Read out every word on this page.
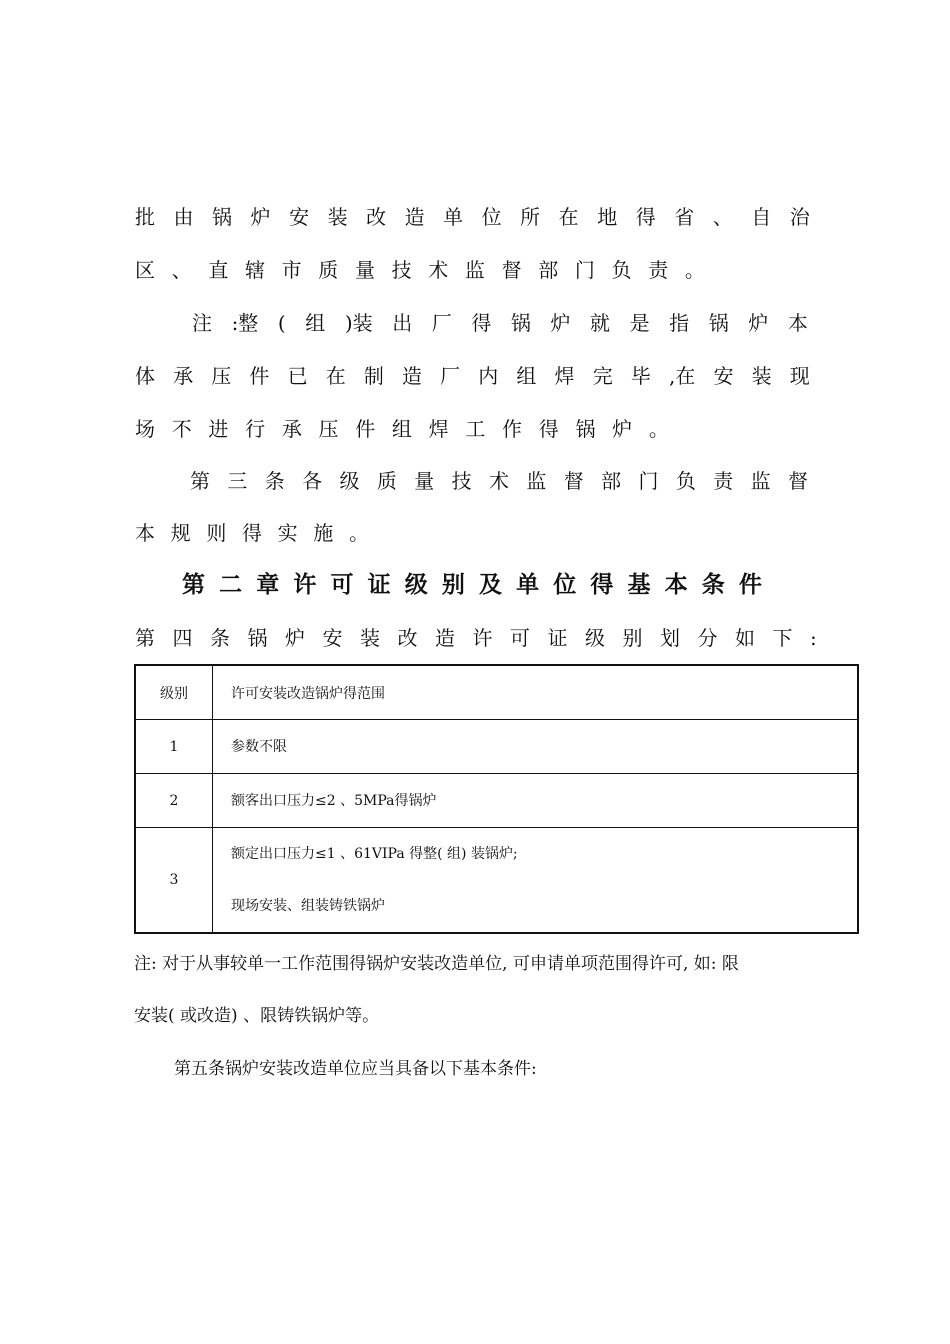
批 由 锅 炉 安 装 改 造 单 位 所 在 地 得 省 、 自 治
区 、 直 辖 市 质 量 技 术 监 督 部 门 负 责 。
注 :整 ( 组 )装 出 厂 得 锅 炉 就 是 指 锅 炉 本
体 承 压 件 已 在 制 造 厂 内 组 焊 完 毕 ,在 安 装 现
场 不 进 行 承 压 件 组 焊 工 作 得 锅 炉 。
第 三 条 各 级 质 量 技 术 监 督 部 门 负 责 监 督
本 规 则 得 实 施 。
第 二 章 许 可 证 级 别 及 单 位 得 基 本 条 件
第 四 条 锅 炉 安 装 改 造 许 可 证 级 别 划 分 如 下 :
级别	许可安装改造锅炉得范围
1	参数不限

2	额客出口压力≤2 、5MPa得锅炉

3	额定出口压力≤1 、61VIPa 得整( 组) 装锅炉;
现场安装、组装铸铁锅炉
注: 对于从事较单一工作范围得锅炉安装改造单位, 可申请单项范围得许可, 如: 限
安装( 或改造) 、限铸铁锅炉等。
第五条锅炉安装改造单位应当具备以下基本条件:
